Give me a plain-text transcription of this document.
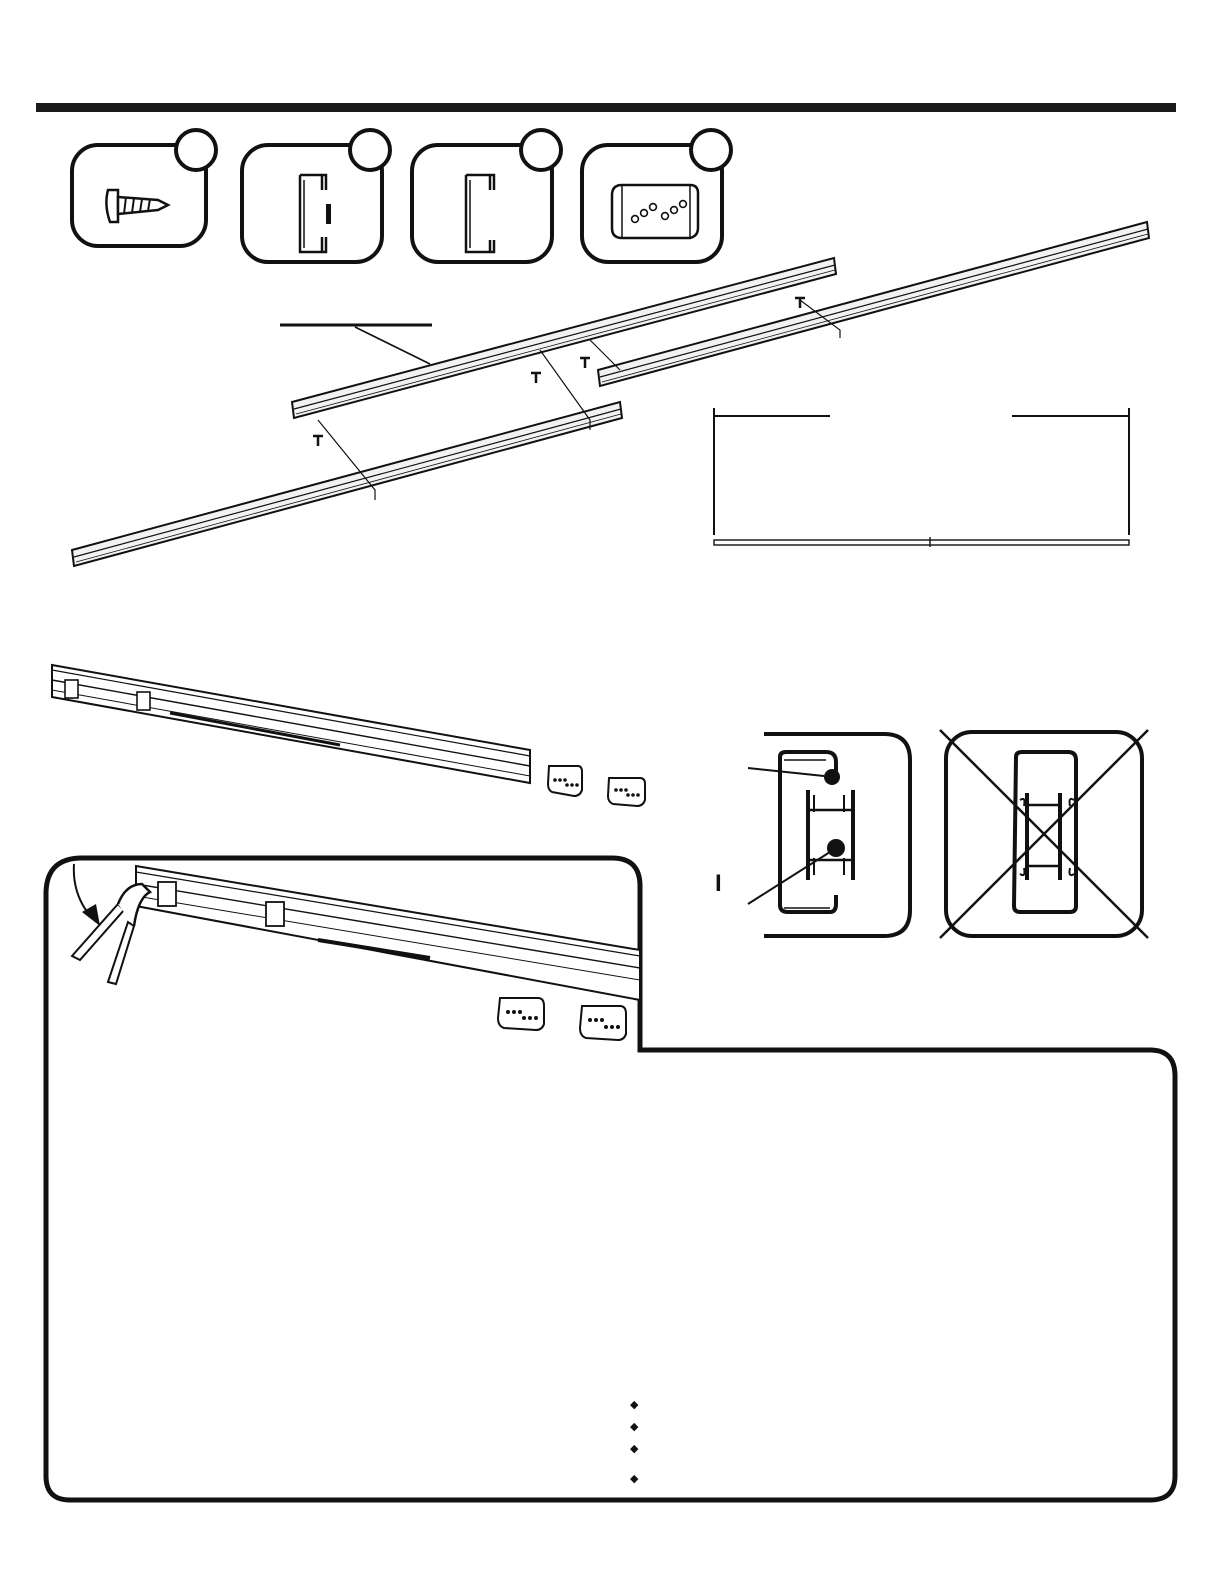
I
◆
◆
◆
◆
